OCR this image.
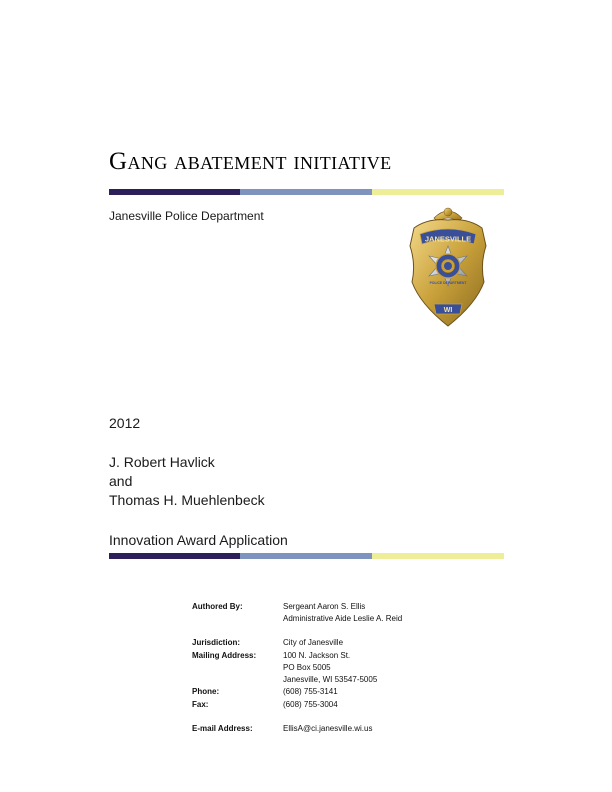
Gang abatement initiative
Janesville Police Department
JANESVILLE
POLICE DEPARTMENT
WI
2012
J. Robert Havlick
and
Thomas H. Muehlenbeck
Innovation Award Application
Authored By:	Sergeant Aaron S. Ellis
Administrative Aide Leslie A. Reid
Jurisdiction:	City of Janesville
Mailing Address:	100 N. Jackson St.
PO Box 5005
Janesville, WI 53547-5005
Phone:	(608) 755-3141
Fax:	(608) 755-3004
E-mail Address:	EllisA@ci.janesville.wi.us
